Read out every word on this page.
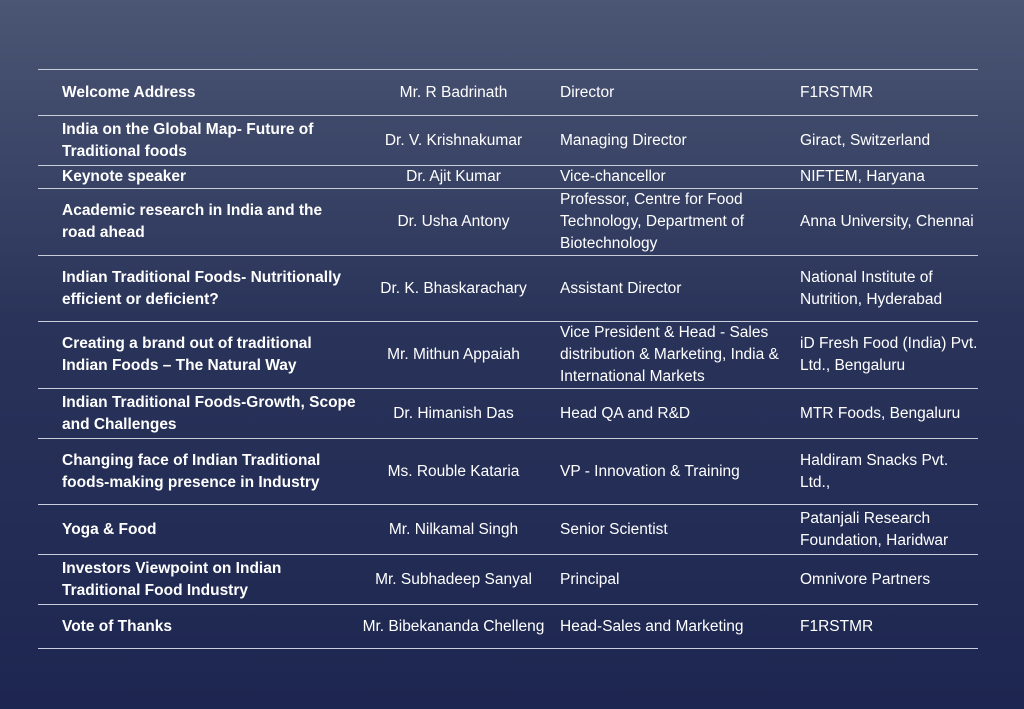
Welcome Address	Mr. R Badrinath	Director	F1RSTMR
India on the Global Map- Future of Traditional foods	Dr. V. Krishnakumar	Managing Director	Giract, Switzerland
Keynote speaker	Dr. Ajit Kumar	Vice-chancellor	NIFTEM, Haryana
Academic research in India and the road ahead	Dr. Usha Antony	Professor, Centre for Food Technology, Department of Biotechnology	Anna University, Chennai
Indian Traditional Foods- Nutritionally efficient or deficient?	Dr. K. Bhaskarachary	Assistant Director	National Institute of Nutrition, Hyderabad
Creating a brand out of traditional Indian Foods – The Natural Way	Mr. Mithun Appaiah	Vice President & Head - Sales distribution & Marketing, India & International Markets	iD Fresh Food (India) Pvt. Ltd., Bengaluru
Indian Traditional Foods-Growth, Scope and Challenges	Dr. Himanish Das	Head QA and R&D	MTR Foods, Bengaluru
Changing face of Indian Traditional foods-making presence in Industry	Ms. Rouble Kataria	VP - Innovation & Training	Haldiram Snacks Pvt. Ltd.,
Yoga & Food	Mr. Nilkamal Singh	Senior Scientist	Patanjali Research Foundation, Haridwar
Investors Viewpoint on Indian Traditional Food Industry	Mr. Subhadeep Sanyal	Principal	Omnivore Partners
Vote of Thanks	Mr. Bibekananda Chelleng	Head-Sales and Marketing	F1RSTMR
